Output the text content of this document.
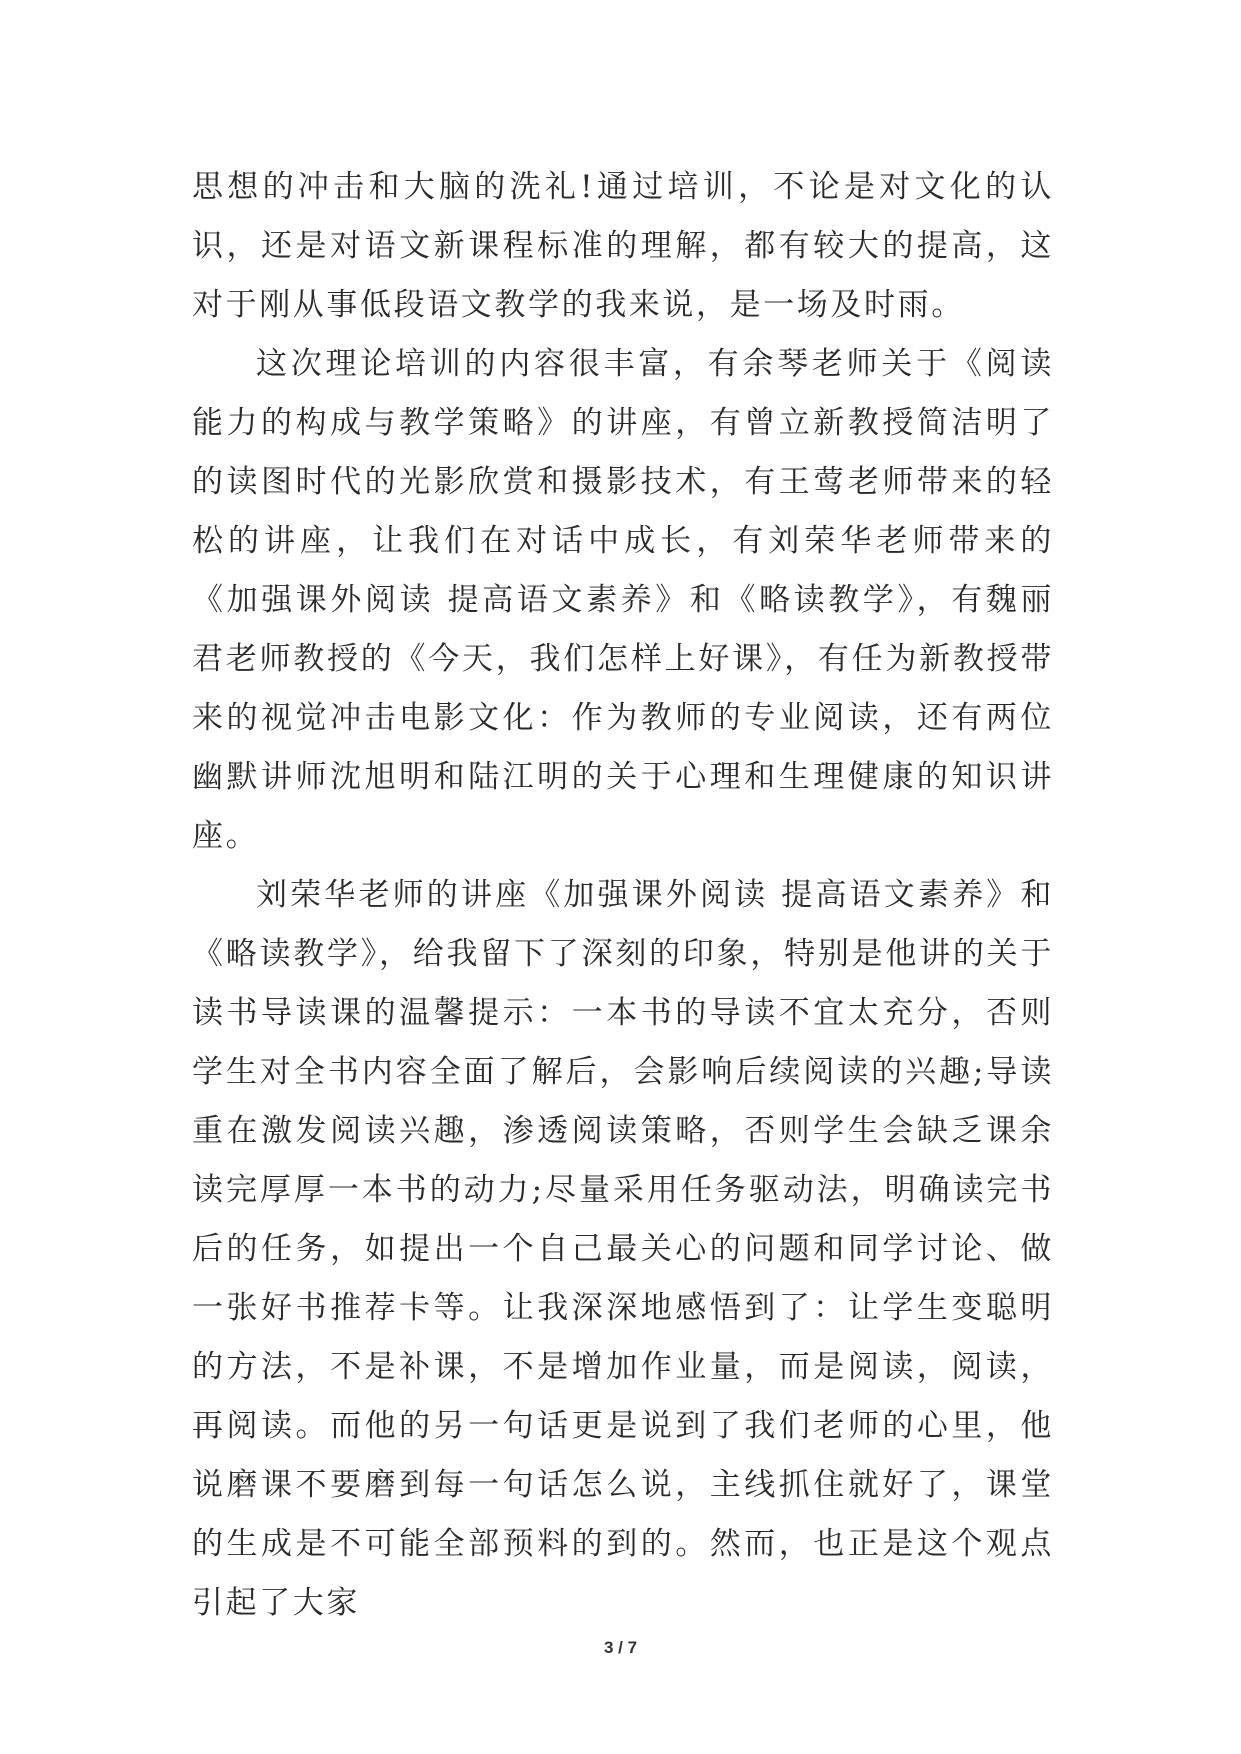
思想的冲击和大脑的洗礼!通过培训，不论是对文化的认识，还是对语文新课程标准的理解，都有较大的提高，这对于刚从事低段语文教学的我来说，是一场及时雨。

这次理论培训的内容很丰富，有余琴老师关于《阅读能力的构成与教学策略》的讲座，有曾立新教授简洁明了的读图时代的光影欣赏和摄影技术，有王莺老师带来的轻松的讲座，让我们在对话中成长，有刘荣华老师带来的《加强课外阅读 提高语文素养》和《略读教学》，有魏丽君老师教授的《今天，我们怎样上好课》，有任为新教授带来的视觉冲击电影文化：作为教师的专业阅读，还有两位幽默讲师沈旭明和陆江明的关于心理和生理健康的知识讲座。

刘荣华老师的讲座《加强课外阅读 提高语文素养》和《略读教学》，给我留下了深刻的印象，特别是他讲的关于读书导读课的温馨提示：一本书的导读不宜太充分，否则学生对全书内容全面了解后，会影响后续阅读的兴趣;导读重在激发阅读兴趣，渗透阅读策略，否则学生会缺乏课余读完厚厚一本书的动力;尽量采用任务驱动法，明确读完书后的任务，如提出一个自己最关心的问题和同学讨论、做一张好书推荐卡等。让我深深地感悟到了：让学生变聪明的方法，不是补课，不是增加作业量，而是阅读，阅读，再阅读。而他的另一句话更是说到了我们老师的心里，他说磨课不要磨到每一句话怎么说，主线抓住就好了，课堂的生成是不可能全部预料的到的。然而，也正是这个观点引起了大家

3 / 7
